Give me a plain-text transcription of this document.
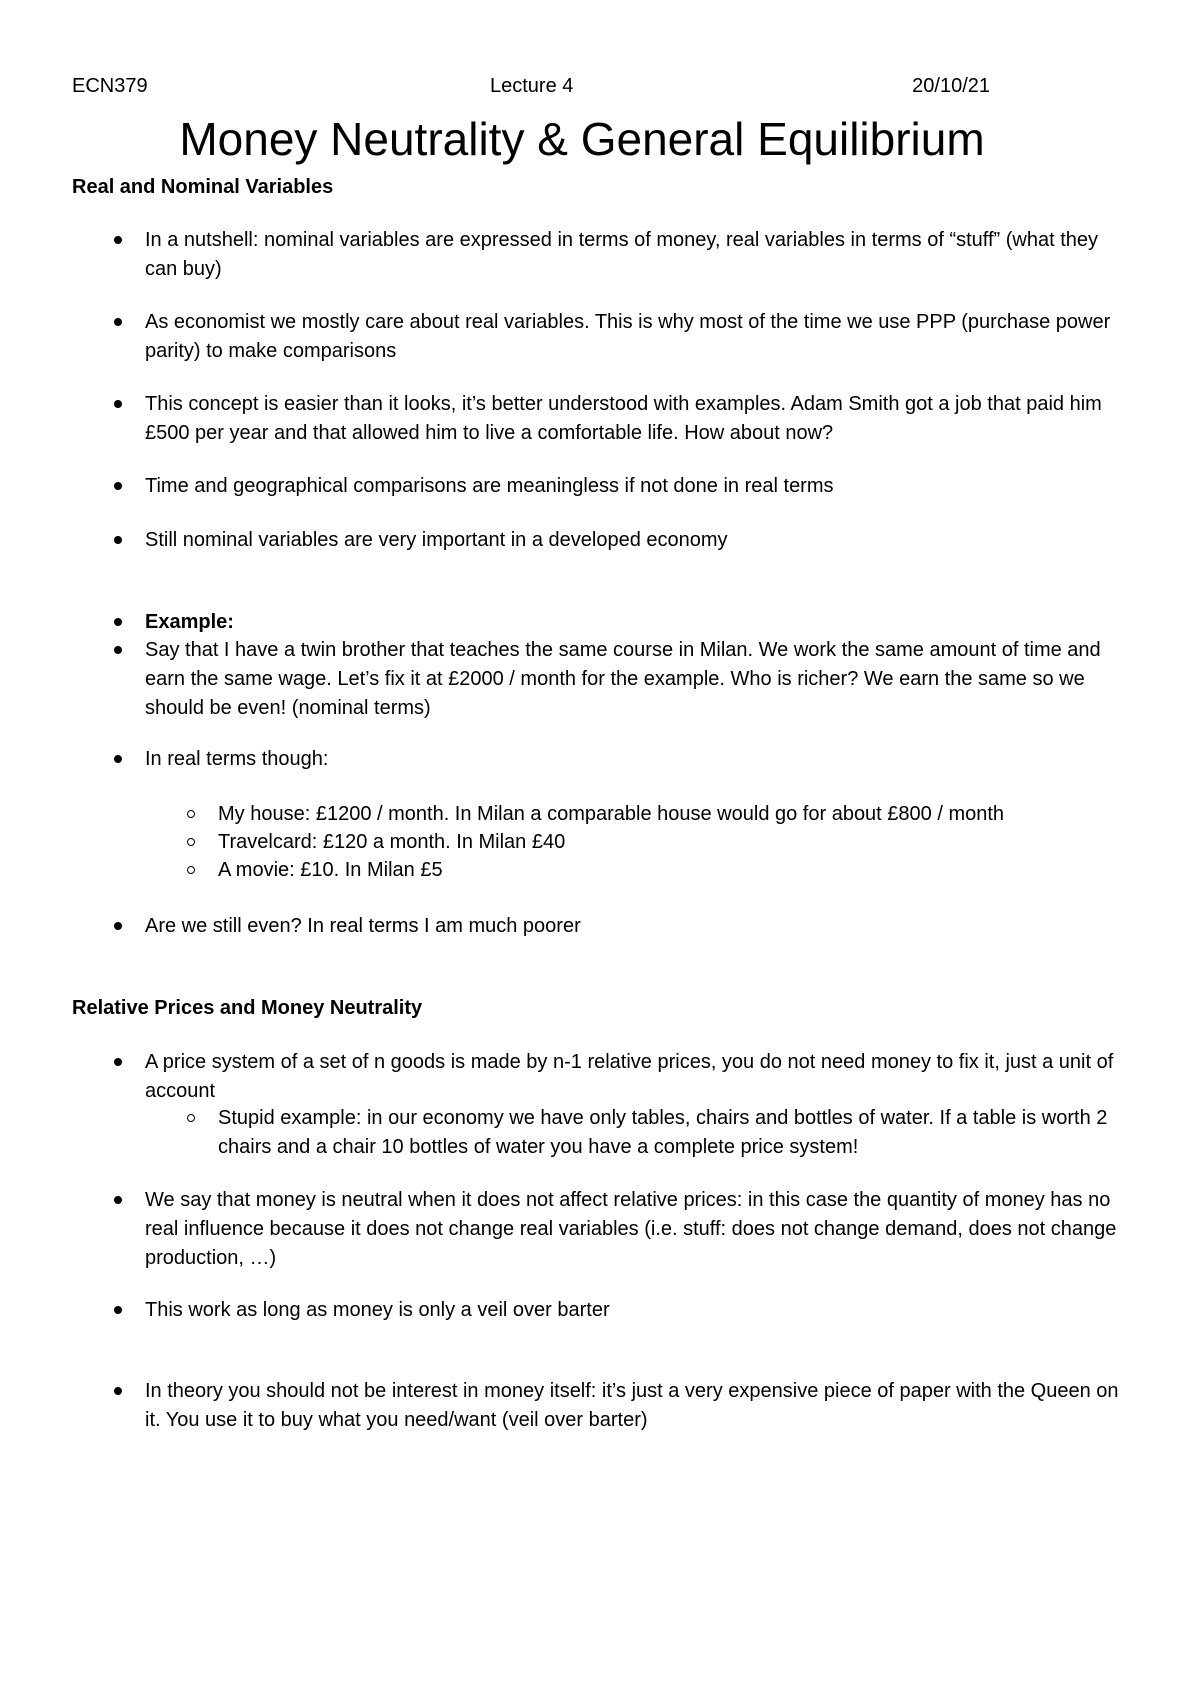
ECN379	Lecture 4	20/10/21
Money Neutrality & General Equilibrium
Real and Nominal Variables
In a nutshell: nominal variables are expressed in terms of money, real variables in terms of “stuff” (what they can buy)
As economist we mostly care about real variables. This is why most of the time we use PPP (purchase power parity) to make comparisons
This concept is easier than it looks, it’s better understood with examples. Adam Smith got a job that paid him £500 per year and that allowed him to live a comfortable life. How about now?
Time and geographical comparisons are meaningless if not done in real terms
Still nominal variables are very important in a developed economy
Example:
Say that I have a twin brother that teaches the same course in Milan. We work the same amount of time and earn the same wage. Let’s fix it at £2000 / month for the example. Who is richer? We earn the same so we should be even! (nominal terms)
In real terms though:
My house: £1200 / month. In Milan a comparable house would go for about £800 / month
Travelcard: £120 a month. In Milan £40
A movie: £10. In Milan £5
Are we still even? In real terms I am much poorer
Relative Prices and Money Neutrality
A price system of a set of n goods is made by n-1 relative prices, you do not need money to fix it, just a unit of account
Stupid example: in our economy we have only tables, chairs and bottles of water. If a table is worth 2 chairs and a chair 10 bottles of water you have a complete price system!
We say that money is neutral when it does not affect relative prices: in this case the quantity of money has no real influence because it does not change real variables (i.e. stuff: does not change demand, does not change production, …)
This work as long as money is only a veil over barter
In theory you should not be interest in money itself: it’s just a very expensive piece of paper with the Queen on it. You use it to buy what you need/want (veil over barter)
